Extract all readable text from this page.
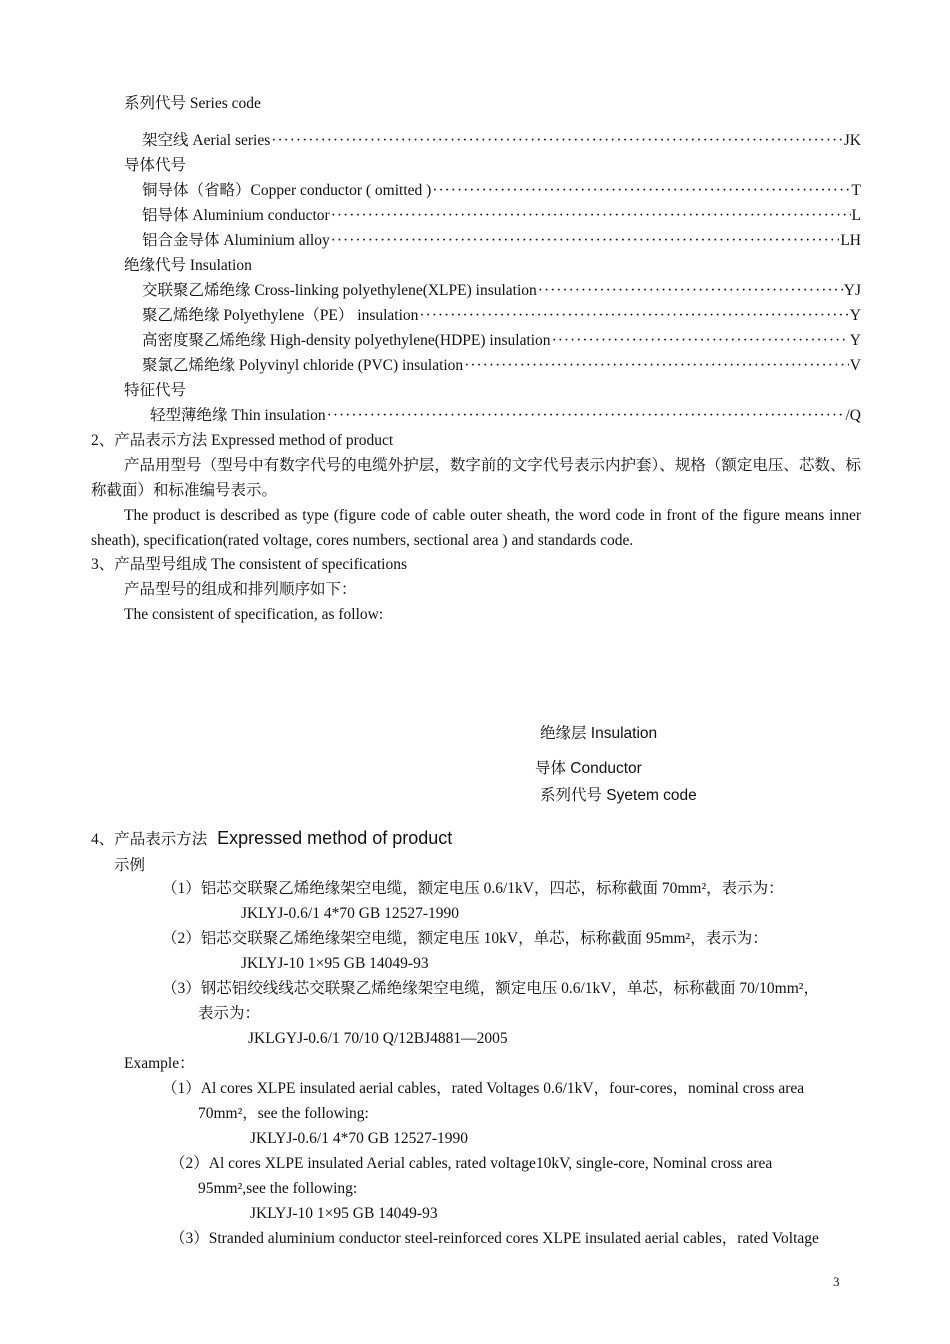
系列代号 Series code
架空线 Aerial series ·····	JK
导体代号
铜导体（省略）Copper conductor ( omitted ) ·····	T
铝导体 Aluminium conductor ·····	L
铝合金导体 Aluminium alloy ·····	LH
绝缘代号 Insulation
交联聚乙烯绝缘 Cross-linking polyethylene(XLPE) insulation ·····	YJ
聚乙烯绝缘 Polyethylene（PE） insulation ·····	Y
高密度聚乙烯绝缘 High-density polyethylene(HDPE) insulation ·····	Y
聚氯乙烯绝缘 Polyvinyl chloride (PVC) insulation ·····	V
特征代号
轻型薄绝缘 Thin insulation ·····	/Q
2、产品表示方法 Expressed method of product
产品用型号（型号中有数字代号的电缆外护层，数字前的文字代号表示内护套）、规格（额定电压、芯数、标称截面）和标准编号表示。
The product is described as type (figure code of cable outer sheath, the word code in front of the figure means inner sheath), specification(rated voltage, cores numbers, sectional area ) and standards code.
3、产品型号组成 The consistent of specifications
产品型号的组成和排列顺序如下：
The consistent of specification, as follow:
绝缘层 Insulation
导体 Conductor
系列代号 Syetem code
4、产品表示方法 Expressed method of product
示例
（1）铝芯交联聚乙烯绝缘架空电缆，额定电压 0.6/1kV，四芯，标称截面 70mm²，表示为：
JKLYJ-0.6/1 4*70 GB 12527-1990
（2）铝芯交联聚乙烯绝缘架空电缆，额定电压 10kV，单芯，标称截面 95mm²，表示为：
JKLYJ-10 1×95 GB 14049-93
（3）钢芯铝绞线线芯交联聚乙烯绝缘架空电缆，额定电压 0.6/1kV，单芯，标称截面 70/10mm²，
表示为：
JKLGYJ-0.6/1 70/10 Q/12BJ4881—2005
Example：
（1）Al cores XLPE insulated aerial cables，rated Voltages 0.6/1kV，four-cores，nominal cross area
70mm²，see the following:
JKLYJ-0.6/1 4*70 GB 12527-1990
（2）Al cores XLPE insulated Aerial cables, rated voltage10kV, single-core, Nominal cross area
95mm²,see the following:
JKLYJ-10 1×95 GB 14049-93
（3）Stranded aluminium conductor steel-reinforced cores XLPE insulated aerial cables，rated Voltage
3
